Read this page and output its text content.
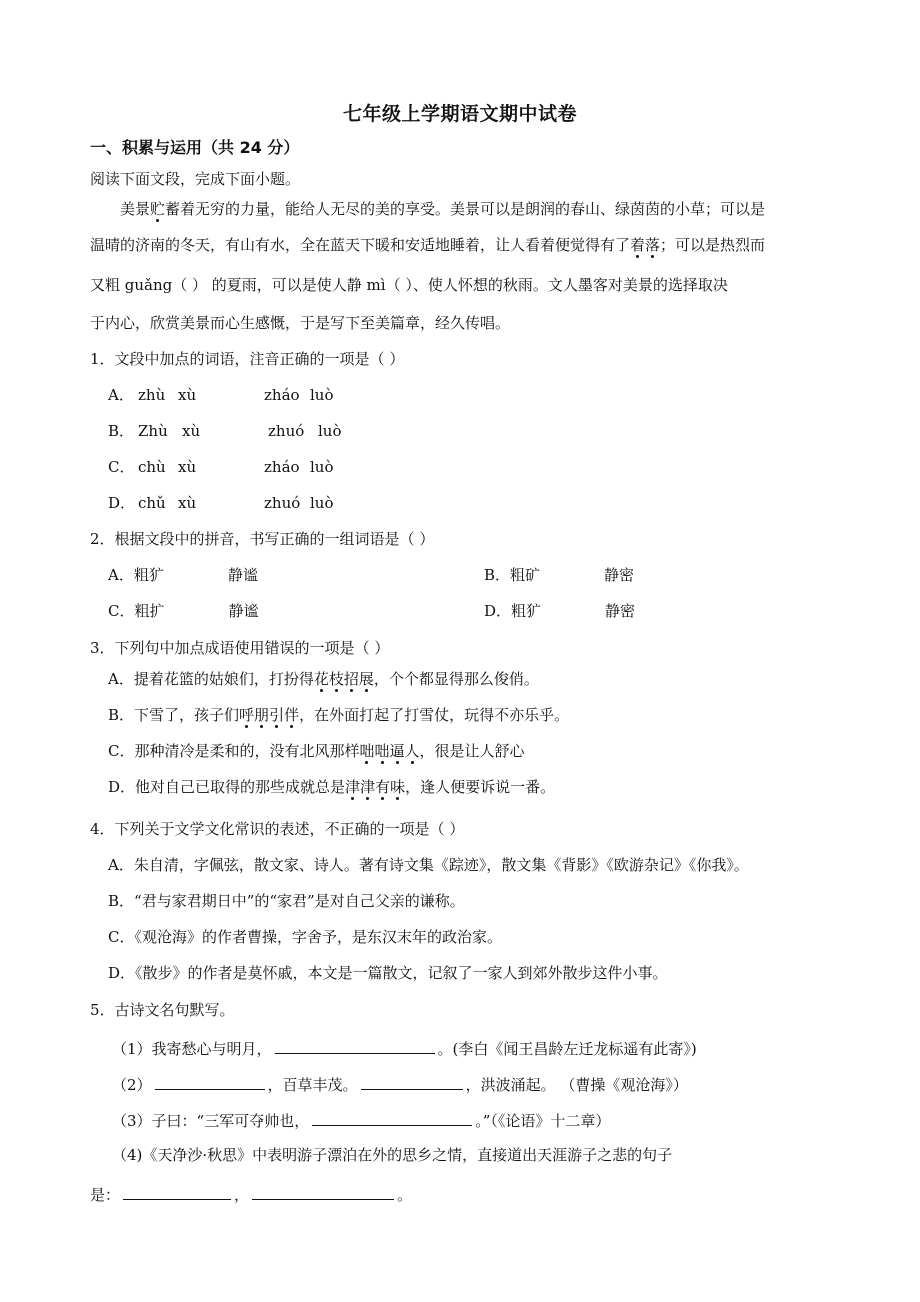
七年级上学期语文期中试卷
一、积累与运用（共 24 分）
阅读下面文段，完成下面小题。
美景贮蓄着无穷的力量，能给人无尽的美的享受。美景可以是朗润的春山、绿茵茵的小草；可以是
温晴的济南的冬天，有山有水，全在蓝天下暖和安适地睡着，让人看着便觉得有了着落；可以是热烈而
又粗 guǎng（ ） 的夏雨，可以是使人静 mì（ ）、使人怀想的秋雨。文人墨客对美景的选择取决
于内心，欣赏美景而心生感慨，于是写下至美篇章，经久传唱。
1．文段中加点的词语，注音正确的一项是（ ）
A． zhù xù	zháo luò
B． Zhù xù	zhuó luò
C． chù xù	zháo luò
D． chǔ xù	zhuó luò
2．根据文段中的拼音，书写正确的一组词语是（ ）
A．粗犷	静谧	B．粗矿	静密
C．粗扩	静谧	D．粗犷	静密
3．下列句中加点成语使用错误的一项是（ ）
A．提着花篮的姑娘们，打扮得花枝招展，个个都显得那么俊俏。
B．下雪了，孩子们呼朋引伴，在外面打起了打雪仗，玩得不亦乐乎。
C．那种清冷是柔和的，没有北风那样咄咄逼人，很是让人舒心
D．他对自己已取得的那些成就总是津津有味，逢人便要诉说一番。
4．下列关于文学文化常识的表述，不正确的一项是（ ）
A．朱自清，字佩弦，散文家、诗人。著有诗文集《踪迹》，散文集《背影》《欧游杂记》《你我》。
B．“君与家君期日中”的“家君”是对自己父亲的谦称。
C．《观沧海》的作者曹操，字舍予，是东汉末年的政治家。
D．《散步》的作者是莫怀戚，本文是一篇散文，记叙了一家人到郊外散步这件小事。
5．古诗文名句默写。
（1）我寄愁心与明月，	。(李白《闻王昌龄左迁龙标遥有此寄》)
（2）	，百草丰茂。	，洪波涌起。 （曹操《观沧海》）
（3）子曰：“三军可夺帅也，	。”（《论语》十二章）
（4)《天净沙·秋思》中表明游子漂泊在外的思乡之情，直接道出天涯游子之悲的句子
是：	，	。
